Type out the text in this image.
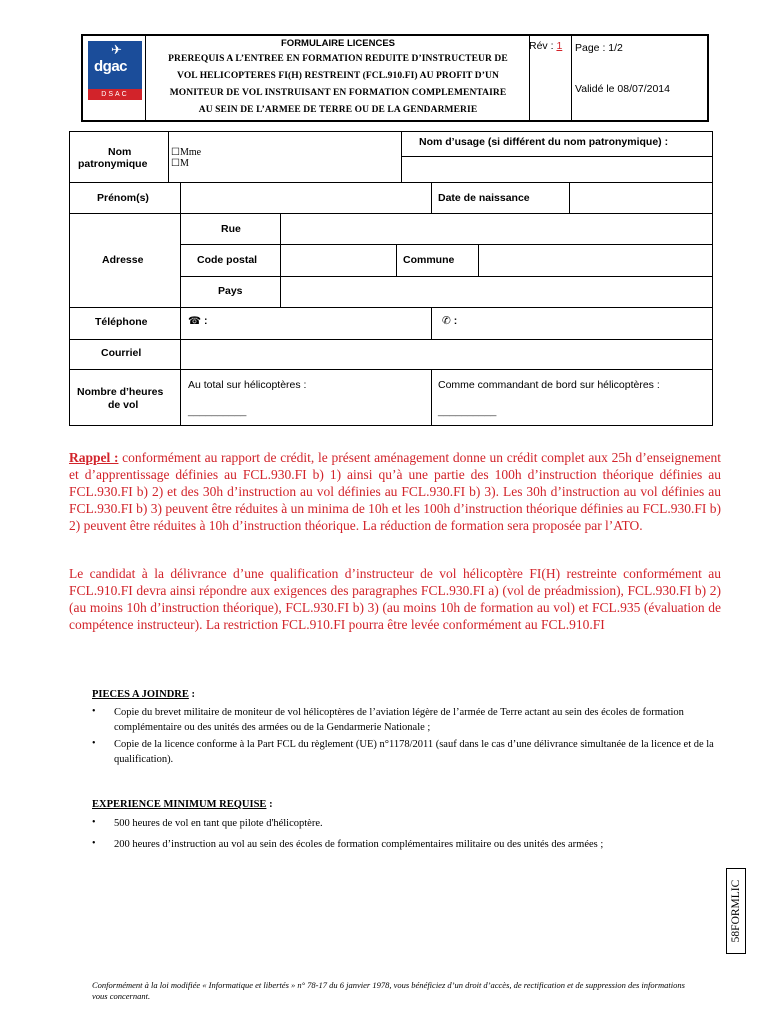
✈
dgac
DSAC
FORMULAIRE LICENCES
PREREQUIS A L’ENTREE EN FORMATION REDUITE D’INSTRUCTEUR DE
VOL HELICOPTERES FI(H) RESTREINT (FCL.910.FI) AU PROFIT D’UN
MONITEUR DE VOL INSTRUISANT EN FORMATION COMPLEMENTAIRE
AU SEIN DE L’ARMEE DE TERRE OU DE LA GENDARMERIE
Rév : 1 Page : 1/2
Validé le 08/07/2014
Nom
patronymique
☐Mme
☐M
Nom d’usage (si différent du nom patronymique) :
Prénom(s)	Date de naissance
Adresse
Rue
Code postal	Commune
Pays
Téléphone	☎ :	✆ :
Courriel
Nombre d’heures
de vol
Au total sur hélicoptères :	Comme commandant de bord sur hélicoptères :
__________	__________
Rappel : conformément au rapport de crédit, le présent aménagement donne un crédit complet aux 25h d’enseignement et d’apprentissage définies au FCL.930.FI b) 1) ainsi qu’à une partie des 100h d’instruction théorique définies au FCL.930.FI b) 2) et des 30h d’instruction au vol définies au FCL.930.FI b) 3). Les 30h d’instruction au vol définies au FCL.930.FI b) 3) peuvent être réduites à un minima de 10h et les 100h d’instruction théorique définies au FCL.930.FI b) 2) peuvent être réduites à 10h d’instruction théorique. La réduction de formation sera proposée par l’ATO.
Le candidat à la délivrance d’une qualification d’instructeur de vol hélicoptère FI(H) restreinte conformément au FCL.910.FI devra ainsi répondre aux exigences des paragraphes FCL.930.FI a) (vol de préadmission), FCL.930.FI b) 2) (au moins 10h d’instruction théorique), FCL.930.FI b) 3) (au moins 10h de formation au vol) et FCL.935 (évaluation de compétence instructeur). La restriction FCL.910.FI pourra être levée conformément au FCL.910.FI
PIECES A JOINDRE :
• Copie du brevet militaire de moniteur de vol hélicoptères de l’aviation légère de l’armée de Terre actant au sein des écoles de formation complémentaire ou des unités des armées ou de la Gendarmerie Nationale ;
• Copie de la licence conforme à la Part FCL du règlement (UE) n°1178/2011 (sauf dans le cas d’une délivrance simultanée de la licence et de la qualification).
EXPERIENCE MINIMUM REQUISE :
• 500 heures de vol en tant que pilote d'hélicoptère.
• 200 heures d’instruction au vol au sein des écoles de formation complémentaires militaire ou des unités des armées ;
58FORMLIC
Conformément à la loi modifiée « Informatique et libertés » n° 78-17 du 6 janvier 1978, vous bénéficiez d’un droit d’accès, de rectification et de suppression des informations vous concernant.
